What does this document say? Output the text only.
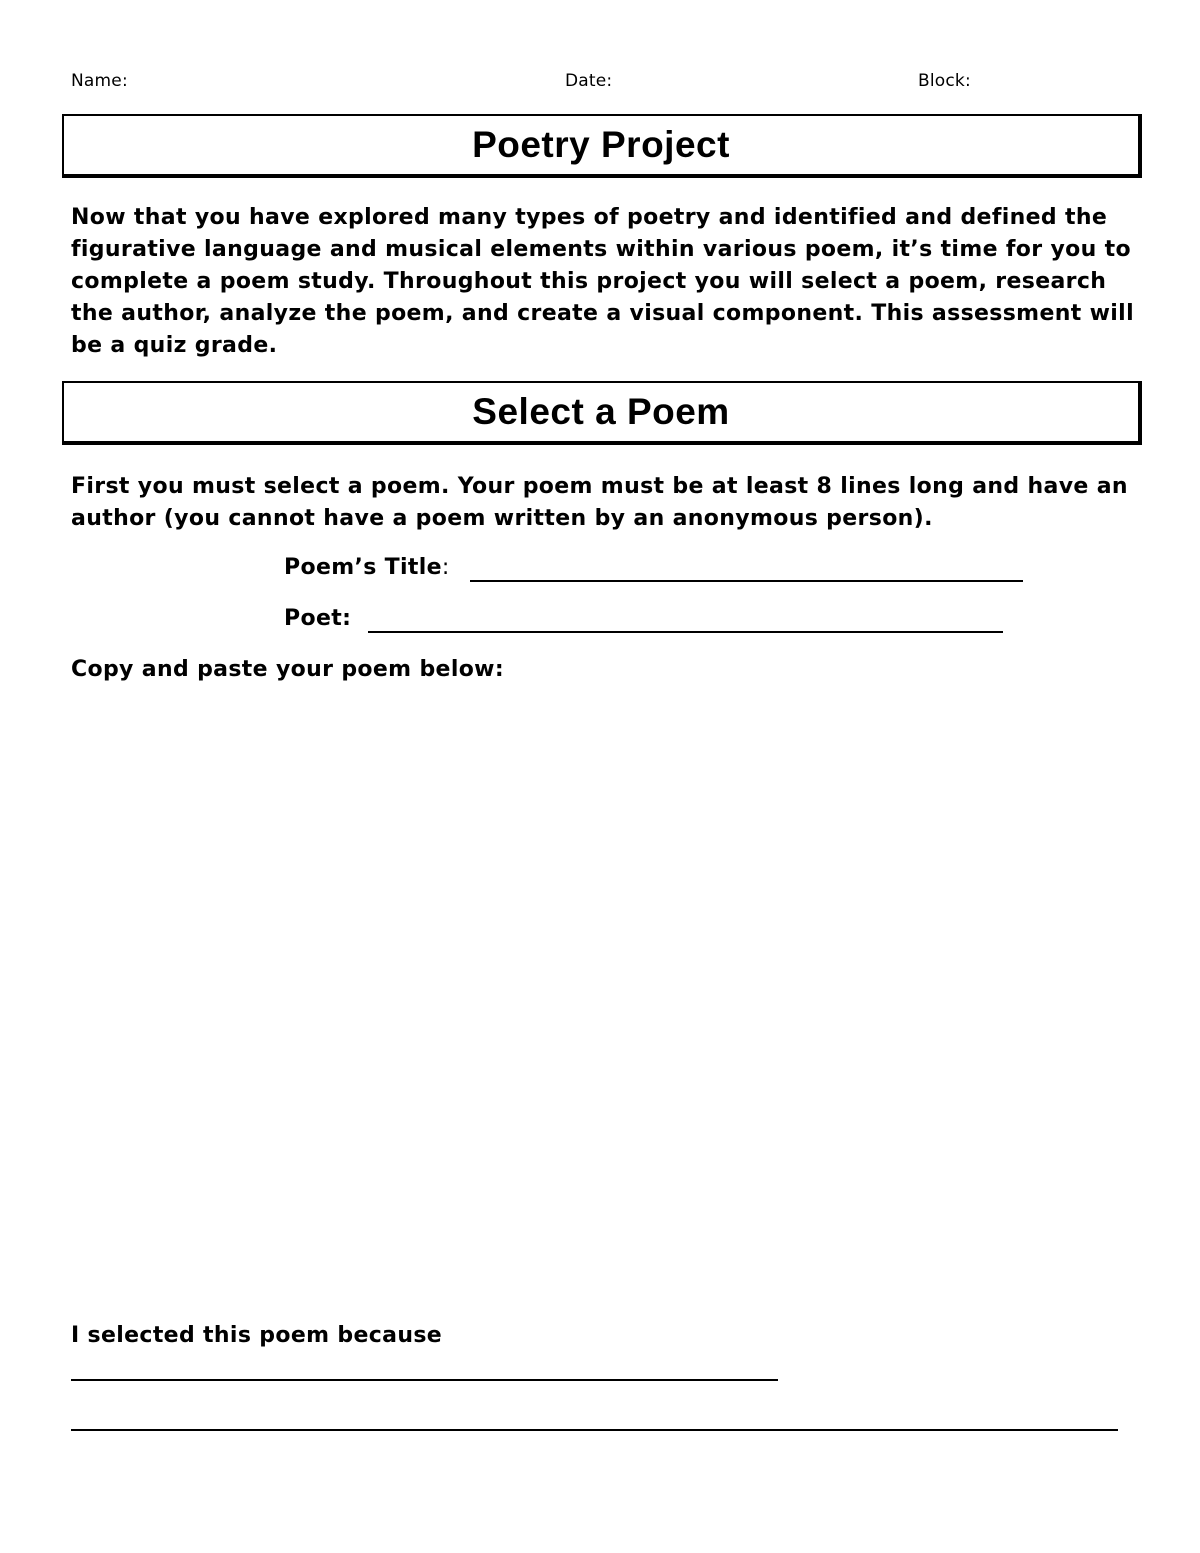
Name:	Date:	Block:
Poetry Project

Now that you have explored many types of poetry and identified and defined the figurative language and musical elements within various poem, it’s time for you to complete a poem study. Throughout this project you will select a poem, research the author, analyze the poem, and create a visual component. This assessment will be a quiz grade.

Select a Poem

First you must select a poem. Your poem must be at least 8 lines long and have an author (you cannot have a poem written by an anonymous person).

Poem’s Title:
Poet:
Copy and paste your poem below:
I selected this poem because
